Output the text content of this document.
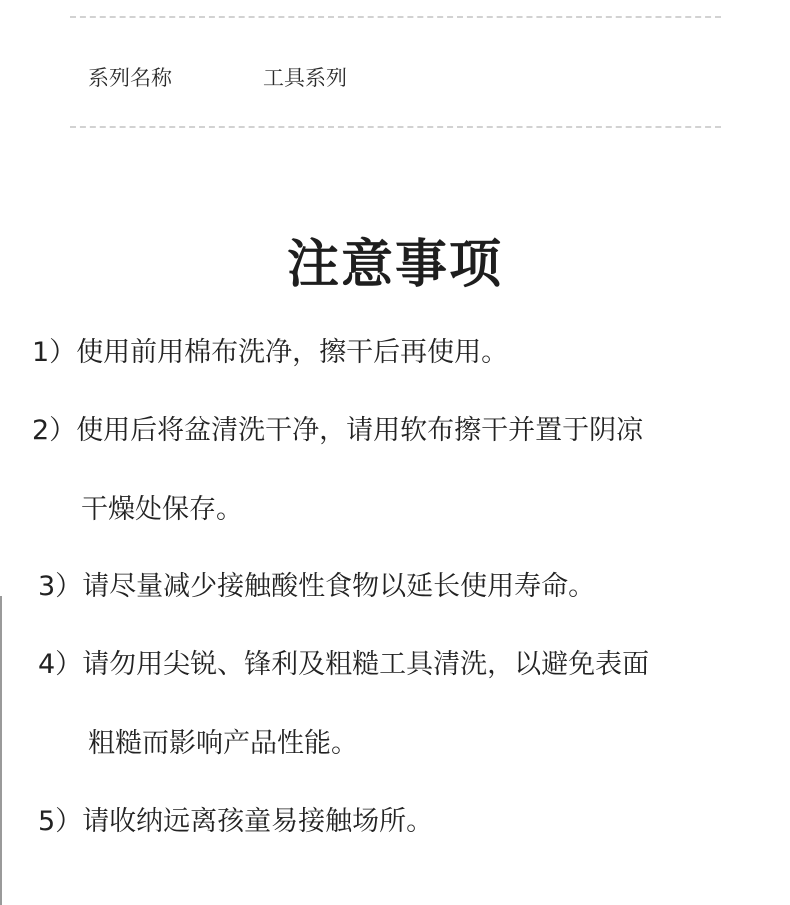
系列名称	工具系列
注意事项
1）使用前用棉布洗净，擦干后再使用。
2）使用后将盆清洗干净，请用软布擦干并置于阴凉
干燥处保存。
3）请尽量减少接触酸性食物以延长使用寿命。
4）请勿用尖锐、锋利及粗糙工具清洗，以避免表面
粗糙而影响产品性能。
5）请收纳远离孩童易接触场所。
